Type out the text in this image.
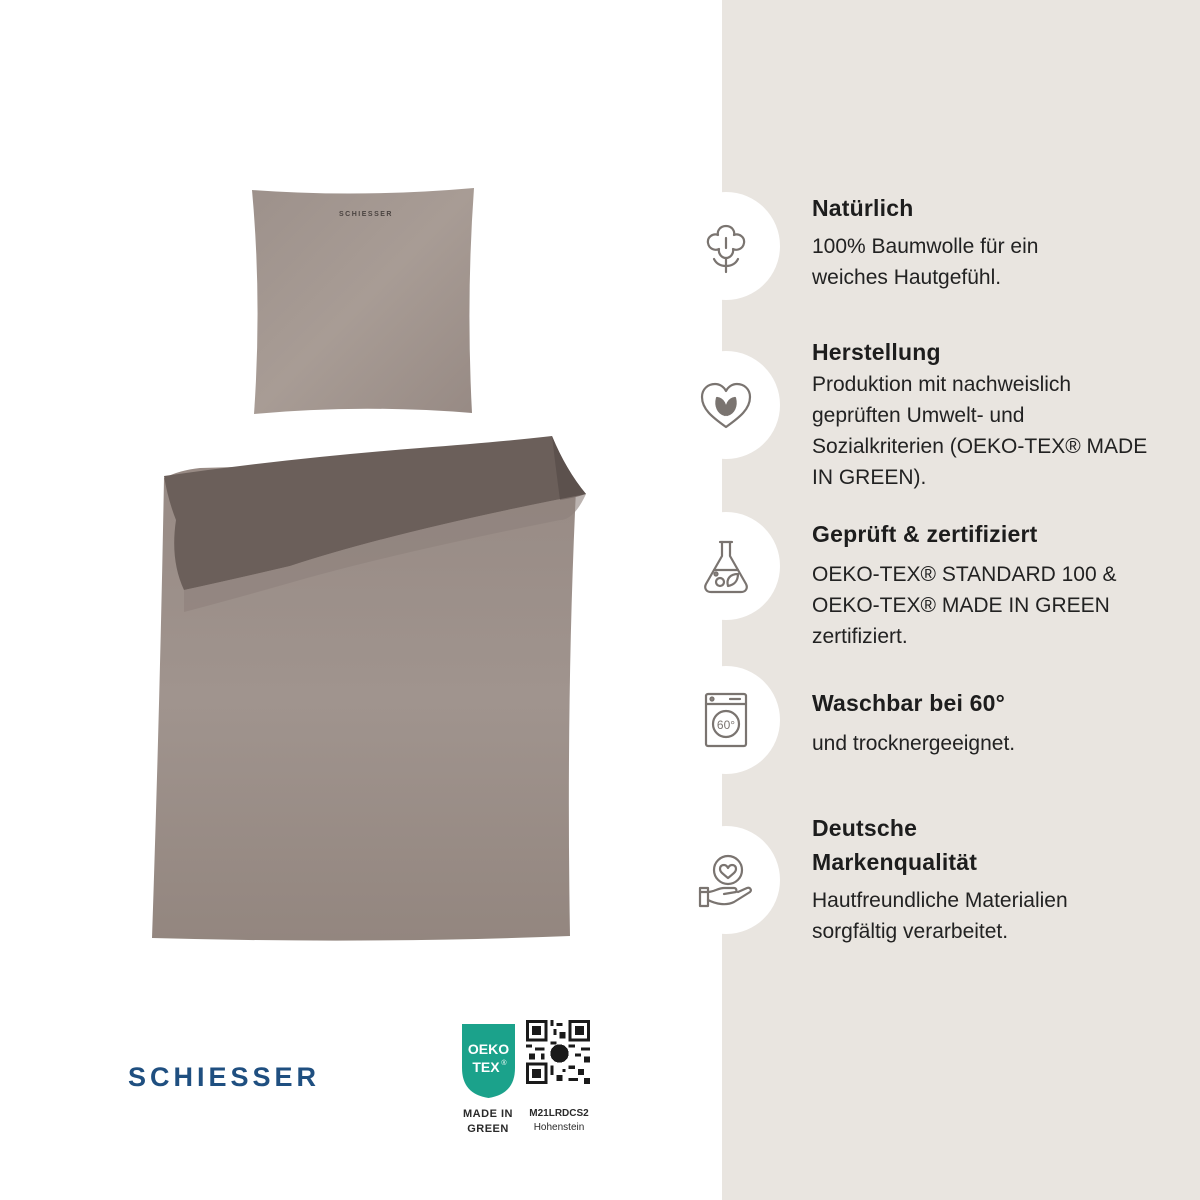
SCHIESSER
SCHIESSER
OEKO
TEX ®
MADE IN
GREEN
M21LRDCS2
Hohenstein
Natürlich
100% Baumwolle für ein
weiches Hautgefühl.
Herstellung
Produktion mit nachweislich
geprüften Umwelt- und
Sozialkriterien (OEKO-TEX® MADE
IN GREEN).
Geprüft & zertifiziert
OEKO-TEX® STANDARD 100 &
OEKO-TEX® MADE IN GREEN
zertifiziert.
60°
Waschbar bei 60°
und trocknergeeignet.
Deutsche
Markenqualität
Hautfreundliche Materialien
sorgfältig verarbeitet.
